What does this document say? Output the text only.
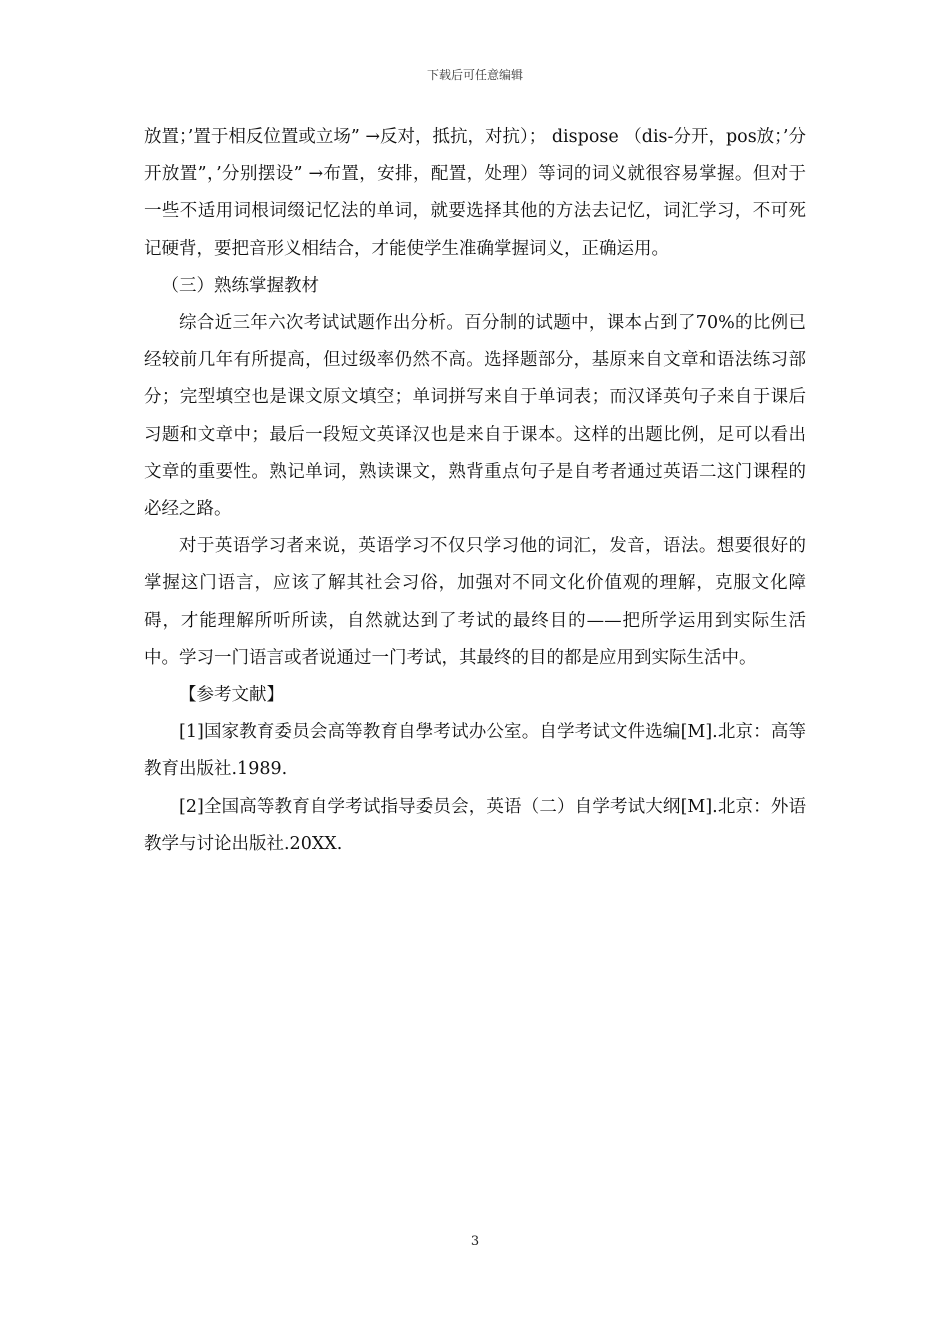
下载后可任意编辑

放置；’置于相反位置或立场” →反对，抵抗，对抗）； dispose （dis-分开，pos放；’分开放置”，’分别摆设” →布置，安排，配置，处理）等词的词义就很容易掌握。但对于一些不适用词根词缀记忆法的单词，就要选择其他的方法去记忆，词汇学习，不可死记硬背，要把音形义相结合，才能使学生准确掌握词义，正确运用。

（三）熟练掌握教材

综合近三年六次考试试题作出分析。百分制的试题中，课本占到了70%的比例已经较前几年有所提高，但过级率仍然不高。选择题部分，基原来自文章和语法练习部分；完型填空也是课文原文填空；单词拼写来自于单词表；而汉译英句子来自于课后习题和文章中；最后一段短文英译汉也是来自于课本。这样的出题比例，足可以看出文章的重要性。熟记单词，熟读课文，熟背重点句子是自考者通过英语二这门课程的必经之路。

对于英语学习者来说，英语学习不仅只学习他的词汇，发音，语法。想要很好的掌握这门语言，应该了解其社会习俗，加强对不同文化价值观的理解，克服文化障碍，才能理解所听所读，自然就达到了考试的最终目的——把所学运用到实际生活中。学习一门语言或者说通过一门考试，其最终的目的都是应用到实际生活中。

【参考文献】

[1]国家教育委员会高等教育自學考试办公室。自学考试文件选编[M].北京：高等教育出版社.1989.

[2]全国高等教育自学考试指导委员会，英语（二）自学考试大纲[M].北京：外语教学与讨论出版社.20XX.

3
